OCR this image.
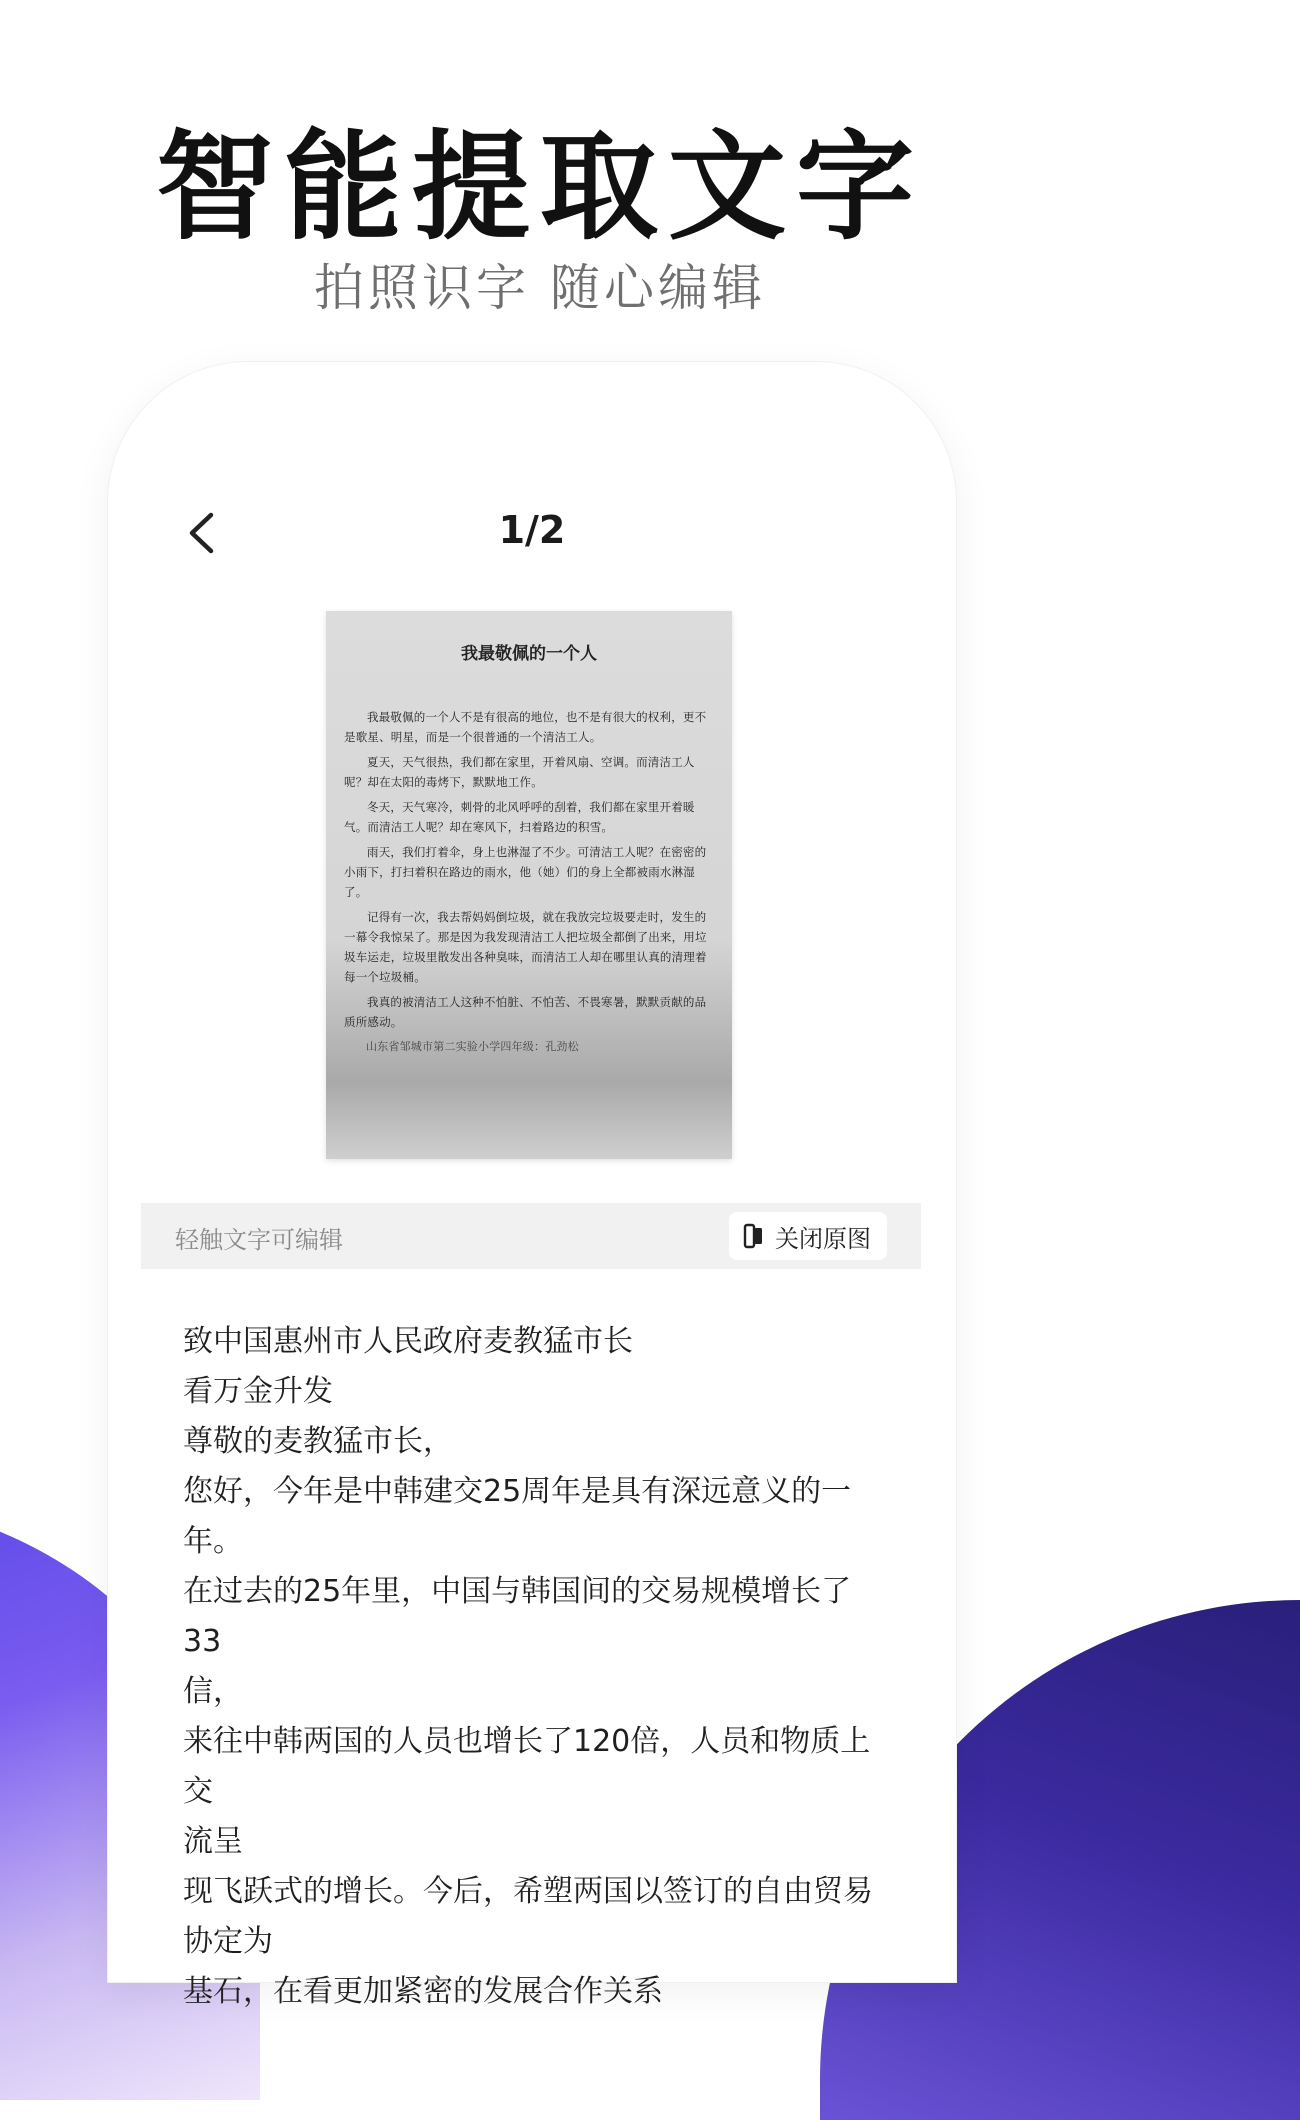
智能提取文字
拍照识字 随心编辑
1/2
我最敬佩的一个人

我最敬佩的一个人不是有很高的地位，也不是有很大的权利，更不是歌星、明星，而是一个很普通的一个清洁工人。

夏天，天气很热，我们都在家里，开着风扇、空调。而清洁工人呢？却在太阳的毒烤下，默默地工作。

冬天，天气寒冷，刺骨的北风呼呼的刮着，我们都在家里开着暖气。而清洁工人呢？却在寒风下，扫着路边的积雪。

雨天，我们打着伞，身上也淋湿了不少。可清洁工人呢？在密密的小雨下，打扫着积在路边的雨水，他（她）们的身上全都被雨水淋湿了。

记得有一次，我去帮妈妈倒垃圾，就在我放完垃圾要走时，发生的一幕令我惊呆了。那是因为我发现清洁工人把垃圾全都倒了出来，用垃圾车运走，垃圾里散发出各种臭味，而清洁工人却在哪里认真的清理着每一个垃圾桶。

我真的被清洁工人这种不怕脏、不怕苦、不畏寒暑，默默贡献的品质所感动。

山东省邹城市第二实验小学四年级：孔劲松
轻触文字可编辑	关闭原图
致中国惠州市人民政府麦教猛市长
看万金升发
尊敬的麦教猛市长，
您好，今年是中韩建交25周年是具有深远意义的一
年。
在过去的25年里，中国与韩国间的交易规模增长了33
信，
来往中韩两国的人员也增长了120倍，人员和物质上交
流呈
现飞跃式的增长。今后，希塑两国以签订的自由贸易
协定为
基石，在看更加紧密的发展合作关系
